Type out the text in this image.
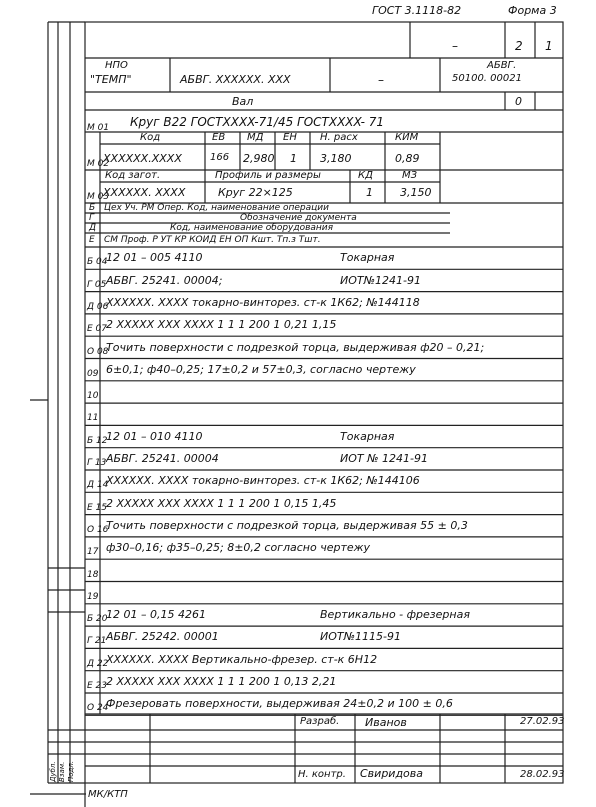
ГОСТ 3.1118-82	Форма 3
–	2 1
НПО
"ТЕМП"	АБВГ. XXXXXX. XXX	–
АБВГ.
50100. 00021
Вал	0
М 01 Круг В22 ГОСТXXXX-71/45 ГОСТXXXX- 71
Код	ЕВ МД ЕН Н. расх	КИМ
М 02
XXXXXX.XXXX	166 2,980 1 3,180	0,89
Код загот.	Профиль и размеры	КД	МЗ
М 03
XXXXXX. XXXX	Круг 22×125	1 3,150
Б Цех Уч. РМ Опер. Код, наименование операции
Г	Обозначение документа
Д	Код, наименование оборудования
Е СМ Проф. Р УТ КР КОИД ЕН ОП Кшт. Тп.з Тшт.
Б 04
12 01 – 005 4110	Токарная
Г 05 АБВГ. 25241. 00004;	ИОТ№1241-91
Д 06
XXXXXX. XXXX токарно-винторез. ст-к 1К62; №144118
Е 07 2 XXXXX XXX XXXX 1 1 1 200 1 0,21 1,15
О 08
Точить поверхности с подрезкой торца, выдерживая ф20 – 0,21;
09 6±0,1; ф40–0,25; 17±0,2 и 57±0,3, согласно чертежу
10
11
Б 12
12 01 – 010 4110	Токарная
Г 13 АБВГ. 25241. 00004	ИОТ № 1241-91
Д 14
XXXXXX. XXXX токарно-винторез. ст-к 1К62; №144106
Е 15 2 XXXXX XXX XXXX 1 1 1 200 1 0,15 1,45
О 16
Точить поверхности с подрезкой торца, выдерживая 55 ± 0,3
17 ф30–0,16; ф35–0,25; 8±0,2 согласно чертежу
18
19
Б 20
12 01 – 0,15 4261	Вертикально - фрезерная
Г 21 АБВГ. 25242. 00001	ИОТ№1115-91
Д 22
XXXXXX. XXXX Вертикально-фрезер. ст-к 6Н12
Е 23 2 XXXXX XXX XXXX 1 1 1 200 1 0,13 2,21
О 24
Фрезеровать поверхности, выдерживая 24±0,2 и 100 ± 0,6
Разраб. Иванов	27.02.93
Н. контр. Свиридова	28.02.93
Дубл. Взам. Подл.
МК/КТП
